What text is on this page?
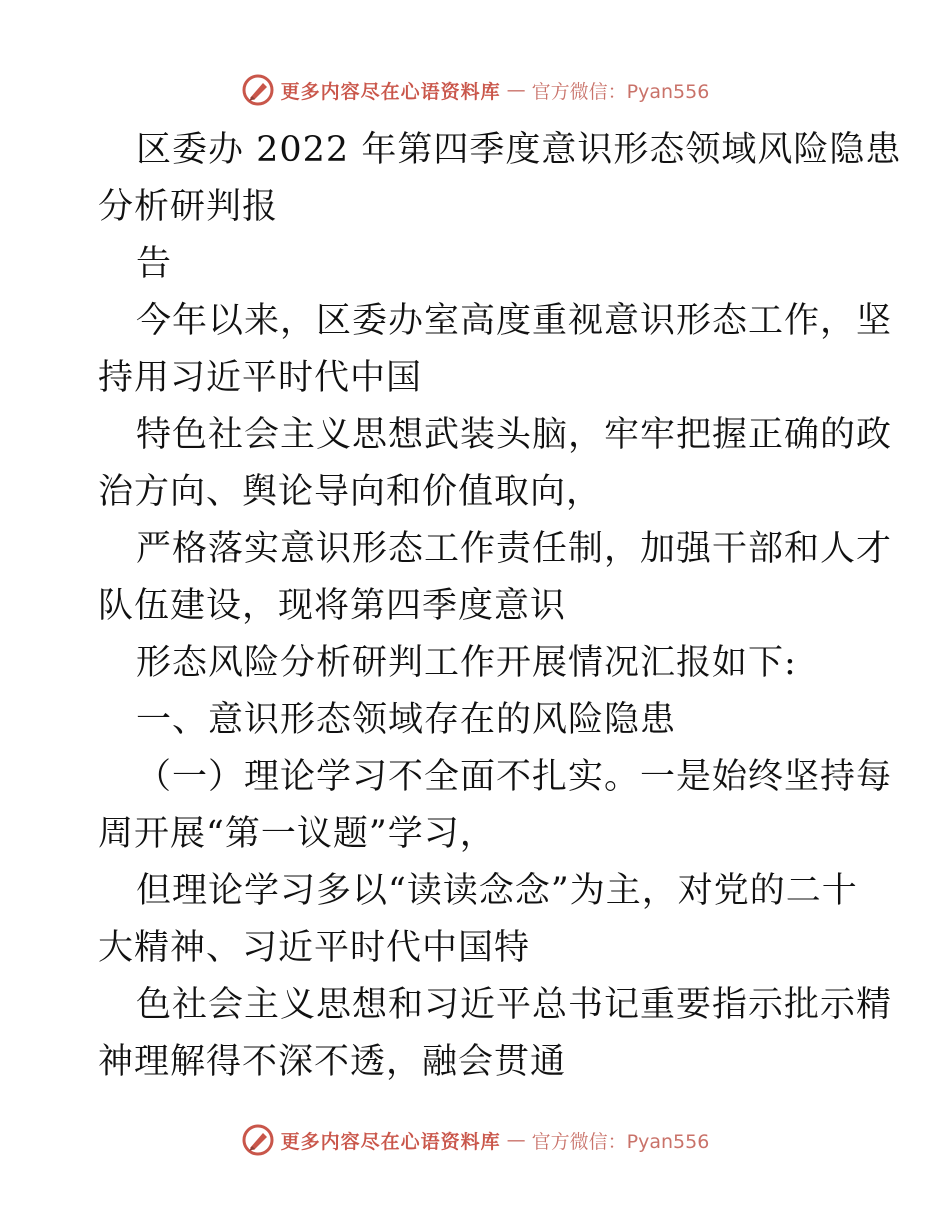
更多内容尽在心语资料库 — 官方微信：Pyan556
区委办 2022 年第四季度意识形态领域风险隐患
分析研判报
告
今年以来，区委办室高度重视意识形态工作，坚
持用习近平时代中国
特色社会主义思想武装头脑，牢牢把握正确的政
治方向、舆论导向和价值取向，
严格落实意识形态工作责任制，加强干部和人才
队伍建设，现将第四季度意识
形态风险分析研判工作开展情况汇报如下:
一、意识形态领域存在的风险隐患
（一）理论学习不全面不扎实。一是始终坚持每
周开展“第一议题”学习，
但理论学习多以“读读念念”为主，对党的二十
大精神、习近平时代中国特
色社会主义思想和习近平总书记重要指示批示精
神理解得不深不透，融会贯通
更多内容尽在心语资料库 — 官方微信：Pyan556
